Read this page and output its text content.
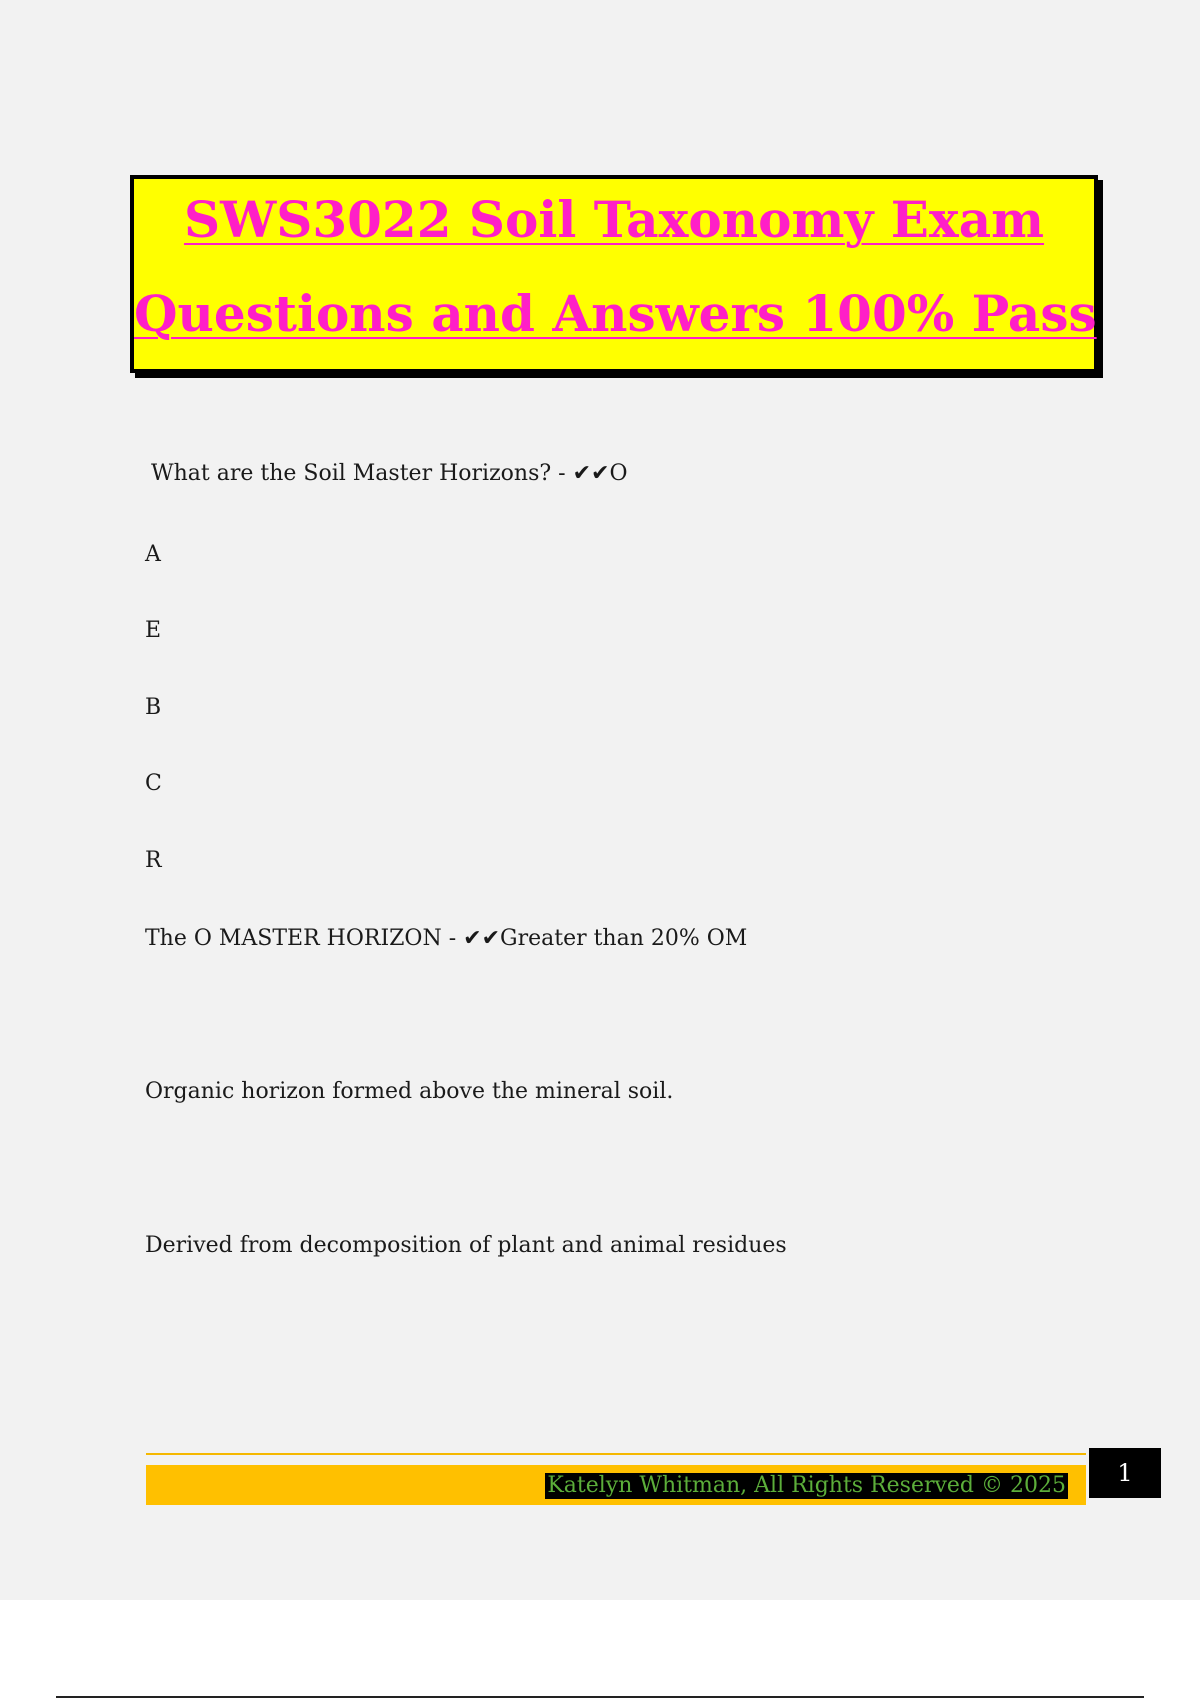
SWS3022 Soil Taxonomy Exam
Questions and Answers 100% Pass
What are the Soil Master Horizons? - ✔✔O
A
E
B
C
R
The O MASTER HORIZON - ✔✔Greater than 20% OM
Organic horizon formed above the mineral soil.
Derived from decomposition of plant and animal residues
Katelyn Whitman, All Rights Reserved © 2025	1
